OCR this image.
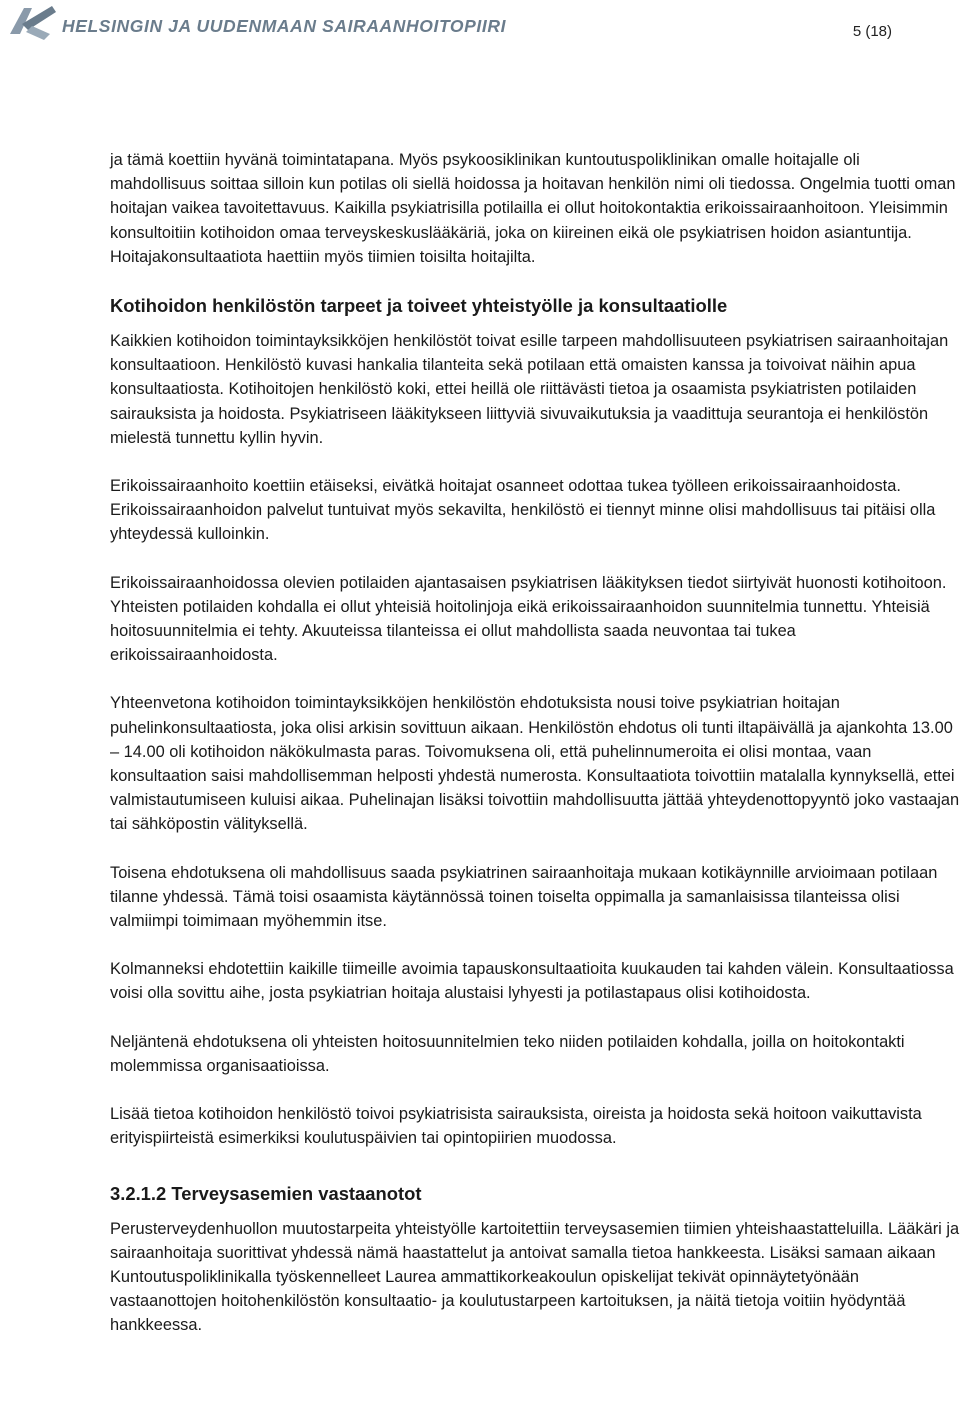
HELSINGIN JA UUDENMAAN SAIRAANHOITOPIIRI	5 (18)

ja tämä koettiin hyvänä toimintatapana. Myös psykoosiklinikan kuntoutuspoliklinikan omalle hoitajalle oli mahdollisuus soittaa silloin kun potilas oli siellä hoidossa ja hoitavan henkilön nimi oli tiedossa. Ongelmia tuotti oman hoitajan vaikea tavoitettavuus. Kaikilla psykiatrisilla potilailla ei ollut hoitokontaktia erikoissairaanhoitoon. Yleisimmin konsultoitiin kotihoidon omaa terveyskeskuslääkäriä, joka on kiireinen eikä ole psykiatrisen hoidon asiantuntija. Hoitajakonsultaatiota haettiin myös tiimien toisilta hoitajilta.

Kotihoidon henkilöstön tarpeet ja toiveet yhteistyölle ja konsultaatiolle

Kaikkien kotihoidon toimintayksikköjen henkilöstöt toivat esille tarpeen mahdollisuuteen psykiatrisen sairaanhoitajan konsultaatioon. Henkilöstö kuvasi hankalia tilanteita sekä potilaan että omaisten kanssa ja toivoivat näihin apua konsultaatiosta. Kotihoitojen henkilöstö koki, ettei heillä ole riittävästi tietoa ja osaamista psykiatristen potilaiden sairauksista ja hoidosta. Psykiatriseen lääkitykseen liittyviä sivuvaikutuksia ja vaadittuja seurantoja ei henkilöstön mielestä tunnettu kyllin hyvin.

Erikoissairaanhoito koettiin etäiseksi, eivätkä hoitajat osanneet odottaa tukea työlleen erikoissairaanhoidosta. Erikoissairaanhoidon palvelut tuntuivat myös sekavilta, henkilöstö ei tiennyt minne olisi mahdollisuus tai pitäisi olla yhteydessä kulloinkin.

Erikoissairaanhoidossa olevien potilaiden ajantasaisen psykiatrisen lääkityksen tiedot siirtyivät huonosti kotihoitoon. Yhteisten potilaiden kohdalla ei ollut yhteisiä hoitolinjoja eikä erikoissairaanhoidon suunnitelmia tunnettu. Yhteisiä hoitosuunnitelmia ei tehty. Akuuteissa tilanteissa ei ollut mahdollista saada neuvontaa tai tukea erikoissairaanhoidosta.

Yhteenvetona kotihoidon toimintayksikköjen henkilöstön ehdotuksista nousi toive psykiatrian hoitajan puhelinkonsultaatiosta, joka olisi arkisin sovittuun aikaan. Henkilöstön ehdotus oli tunti iltapäivällä ja ajankohta 13.00 – 14.00 oli kotihoidon näkökulmasta paras. Toivomuksena oli, että puhelinnumeroita ei olisi montaa, vaan konsultaation saisi mahdollisemman helposti yhdestä numerosta. Konsultaatiota toivottiin matalalla kynnyksellä, ettei valmistautumiseen kuluisi aikaa. Puhelinajan lisäksi toivottiin mahdollisuutta jättää yhteydenottopyyntö joko vastaajan tai sähköpostin välityksellä.

Toisena ehdotuksena oli mahdollisuus saada psykiatrinen sairaanhoitaja mukaan kotikäynnille arvioimaan potilaan tilanne yhdessä. Tämä toisi osaamista käytännössä toinen toiselta oppimalla ja samanlaisissa tilanteissa olisi valmiimpi toimimaan myöhemmin itse.

Kolmanneksi ehdotettiin kaikille tiimeille avoimia tapauskonsultaatioita kuukauden tai kahden välein. Konsultaatiossa voisi olla sovittu aihe, josta psykiatrian hoitaja alustaisi lyhyesti ja potilastapaus olisi kotihoidosta.

Neljäntenä ehdotuksena oli yhteisten hoitosuunnitelmien teko niiden potilaiden kohdalla, joilla on hoitokontakti molemmissa organisaatioissa.

Lisää tietoa kotihoidon henkilöstö toivoi psykiatrisista sairauksista, oireista ja hoidosta sekä hoitoon vaikuttavista erityispiirteistä esimerkiksi koulutuspäivien tai opintopiirien muodossa.

3.2.1.2 Terveysasemien vastaanotot

Perusterveydenhuollon muutostarpeita yhteistyölle kartoitettiin terveysasemien tiimien yhteishaastatteluilla. Lääkäri ja sairaanhoitaja suorittivat yhdessä nämä haastattelut ja antoivat samalla tietoa hankkeesta. Lisäksi samaan aikaan Kuntoutuspoliklinikalla työskennelleet Laurea ammattikorkeakoulun opiskelijat tekivät opinnäytetyönään vastaanottojen hoitohenkilöstön konsultaatio- ja koulutustarpeen kartoituksen, ja näitä tietoja voitiin hyödyntää hankkeessa.
